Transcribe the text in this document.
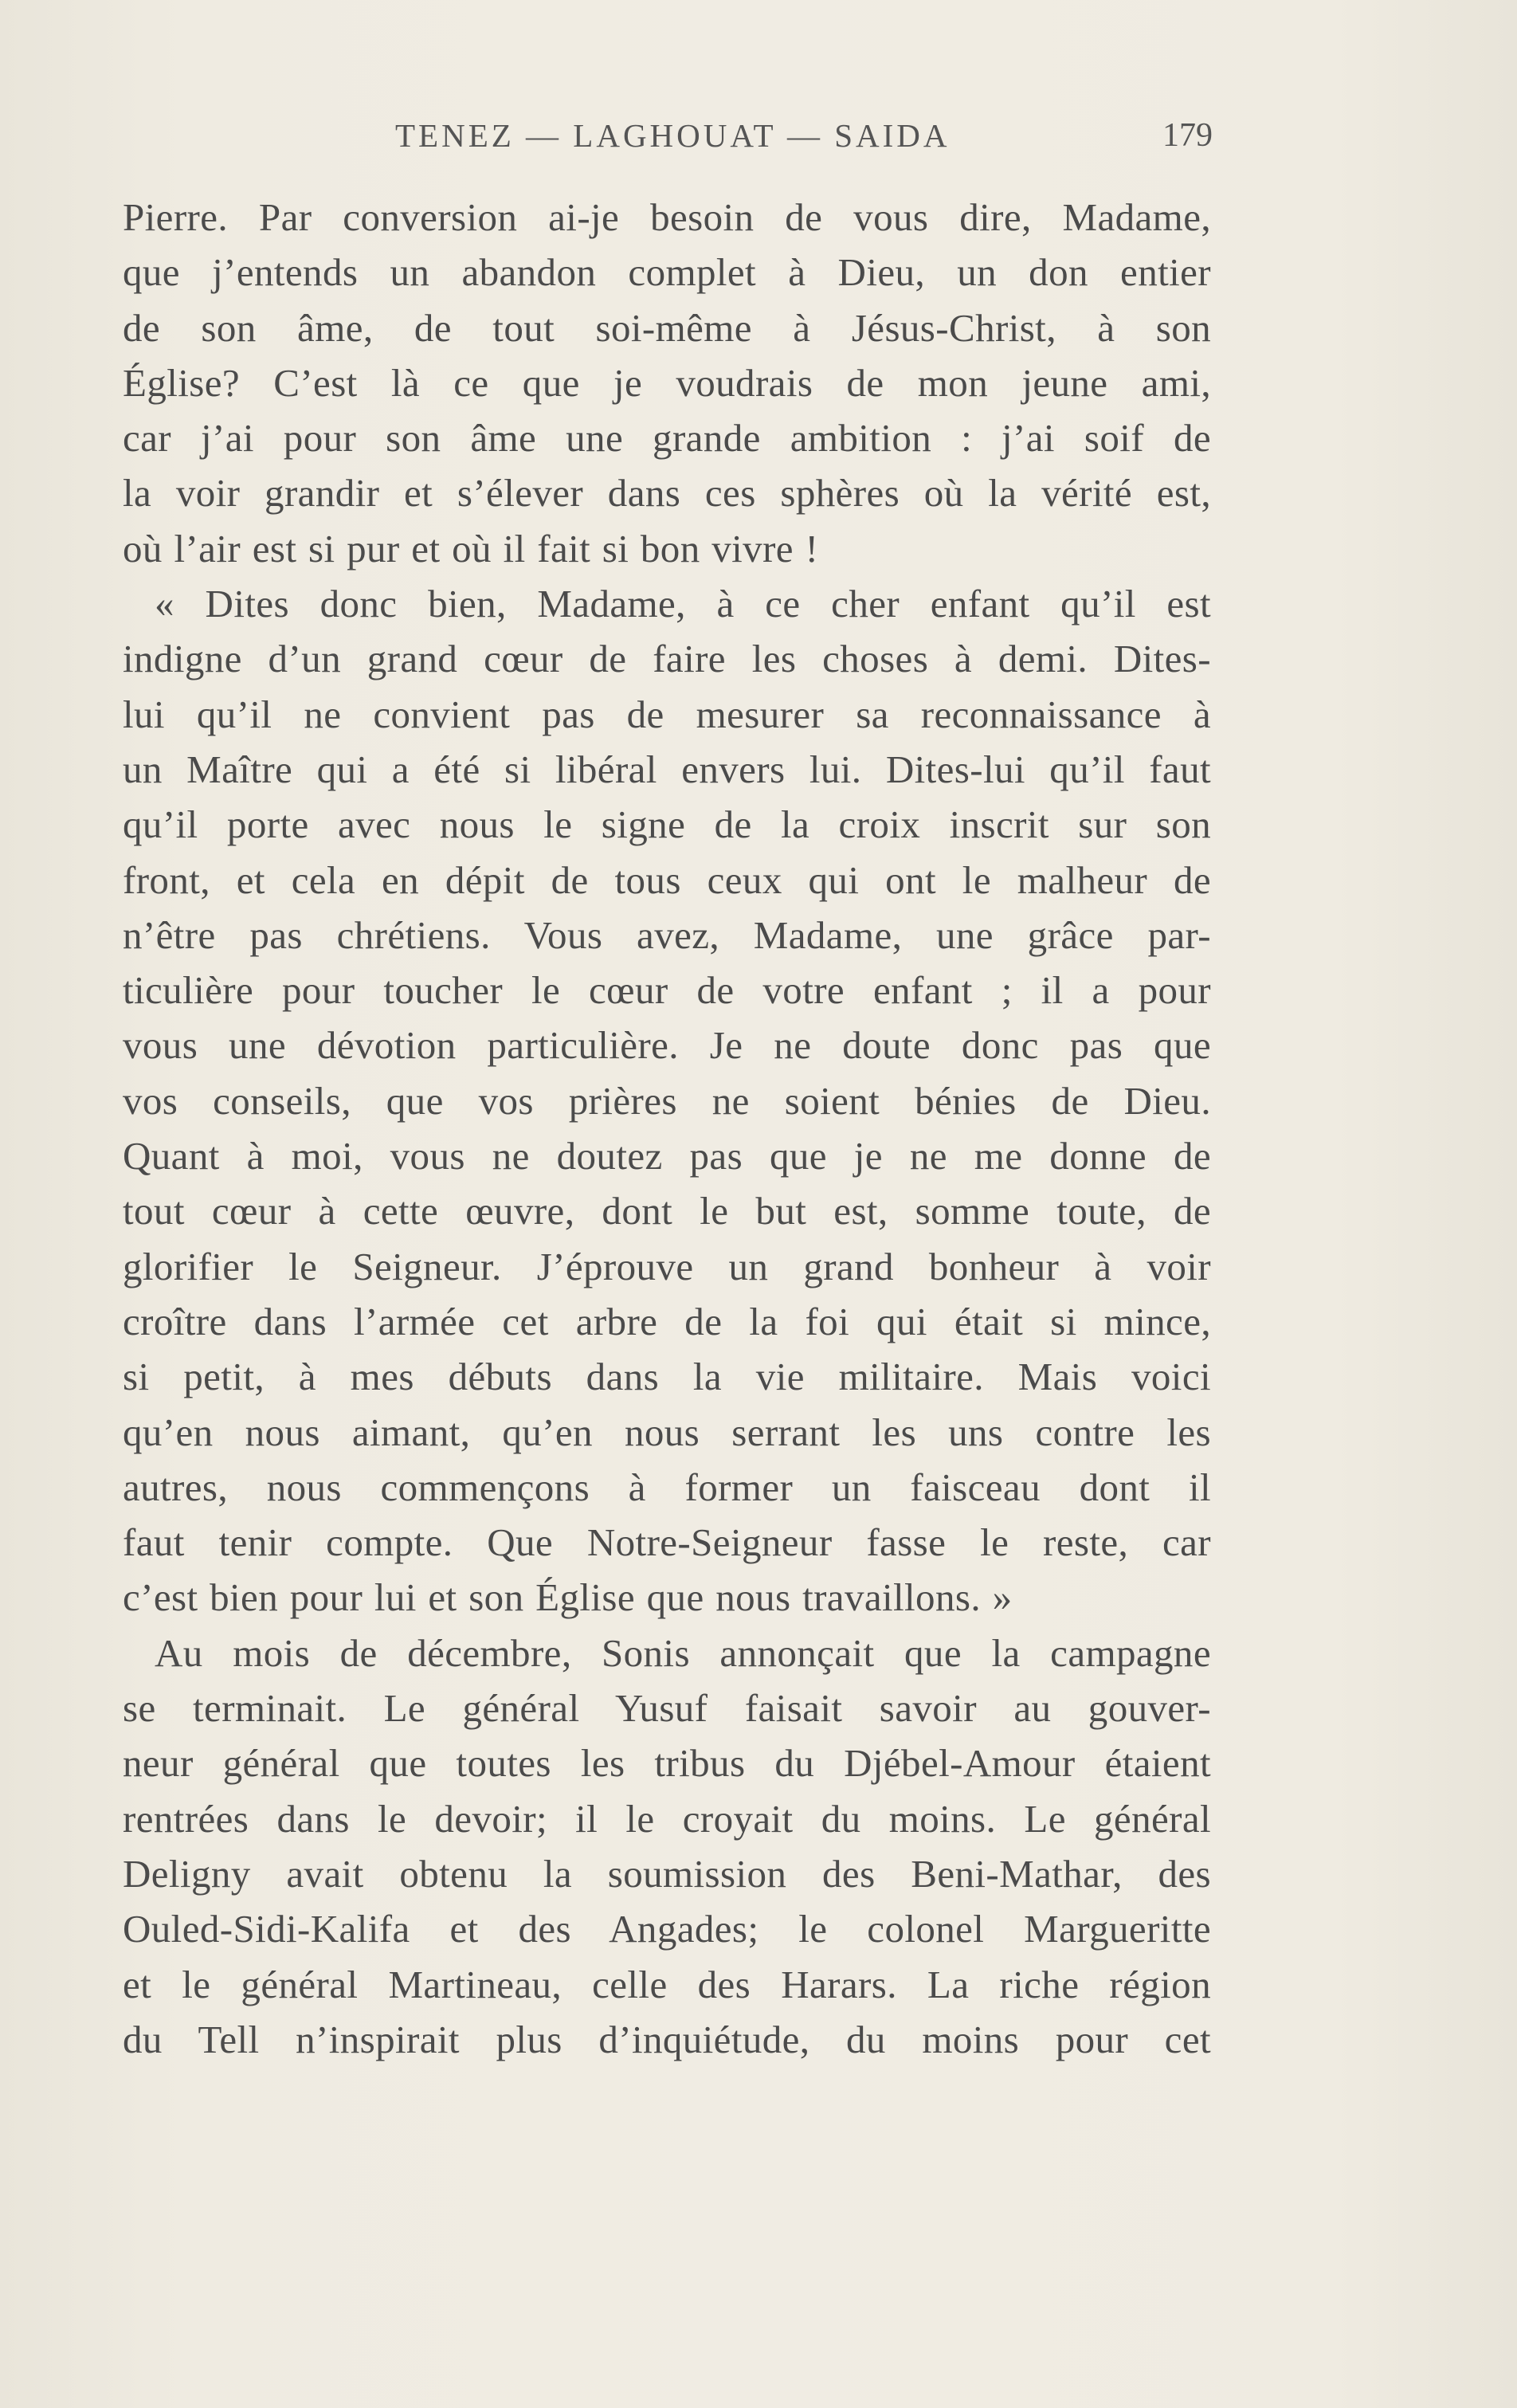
TENEZ — LAGHOUAT — SAIDA	179
Pierre. Par conversion ai-je besoin de vous dire, Madame,
que j’entends un abandon complet à Dieu, un don entier
de son âme, de tout soi-même à Jésus-Christ, à son
Église? C’est là ce que je voudrais de mon jeune ami,
car j’ai pour son âme une grande ambition : j’ai soif de
la voir grandir et s’élever dans ces sphères où la vérité est,
où l’air est si pur et où il fait si bon vivre !
« Dites donc bien, Madame, à ce cher enfant qu’il est
indigne d’un grand cœur de faire les choses à demi. Dites-
lui qu’il ne convient pas de mesurer sa reconnaissance à
un Maître qui a été si libéral envers lui. Dites-lui qu’il faut
qu’il porte avec nous le signe de la croix inscrit sur son
front, et cela en dépit de tous ceux qui ont le malheur de
n’être pas chrétiens. Vous avez, Madame, une grâce par-
ticulière pour toucher le cœur de votre enfant ; il a pour
vous une dévotion particulière. Je ne doute donc pas que
vos conseils, que vos prières ne soient bénies de Dieu.
Quant à moi, vous ne doutez pas que je ne me donne de
tout cœur à cette œuvre, dont le but est, somme toute, de
glorifier le Seigneur. J’éprouve un grand bonheur à voir
croître dans l’armée cet arbre de la foi qui était si mince,
si petit, à mes débuts dans la vie militaire. Mais voici
qu’en nous aimant, qu’en nous serrant les uns contre les
autres, nous commençons à former un faisceau dont il
faut tenir compte. Que Notre-Seigneur fasse le reste, car
c’est bien pour lui et son Église que nous travaillons. »
Au mois de décembre, Sonis annonçait que la campagne
se terminait. Le général Yusuf faisait savoir au gouver-
neur général que toutes les tribus du Djébel-Amour étaient
rentrées dans le devoir; il le croyait du moins. Le général
Deligny avait obtenu la soumission des Beni-Mathar, des
Ouled-Sidi-Kalifa et des Angades; le colonel Margueritte
et le général Martineau, celle des Harars. La riche région
du Tell n’inspirait plus d’inquiétude, du moins pour cet
